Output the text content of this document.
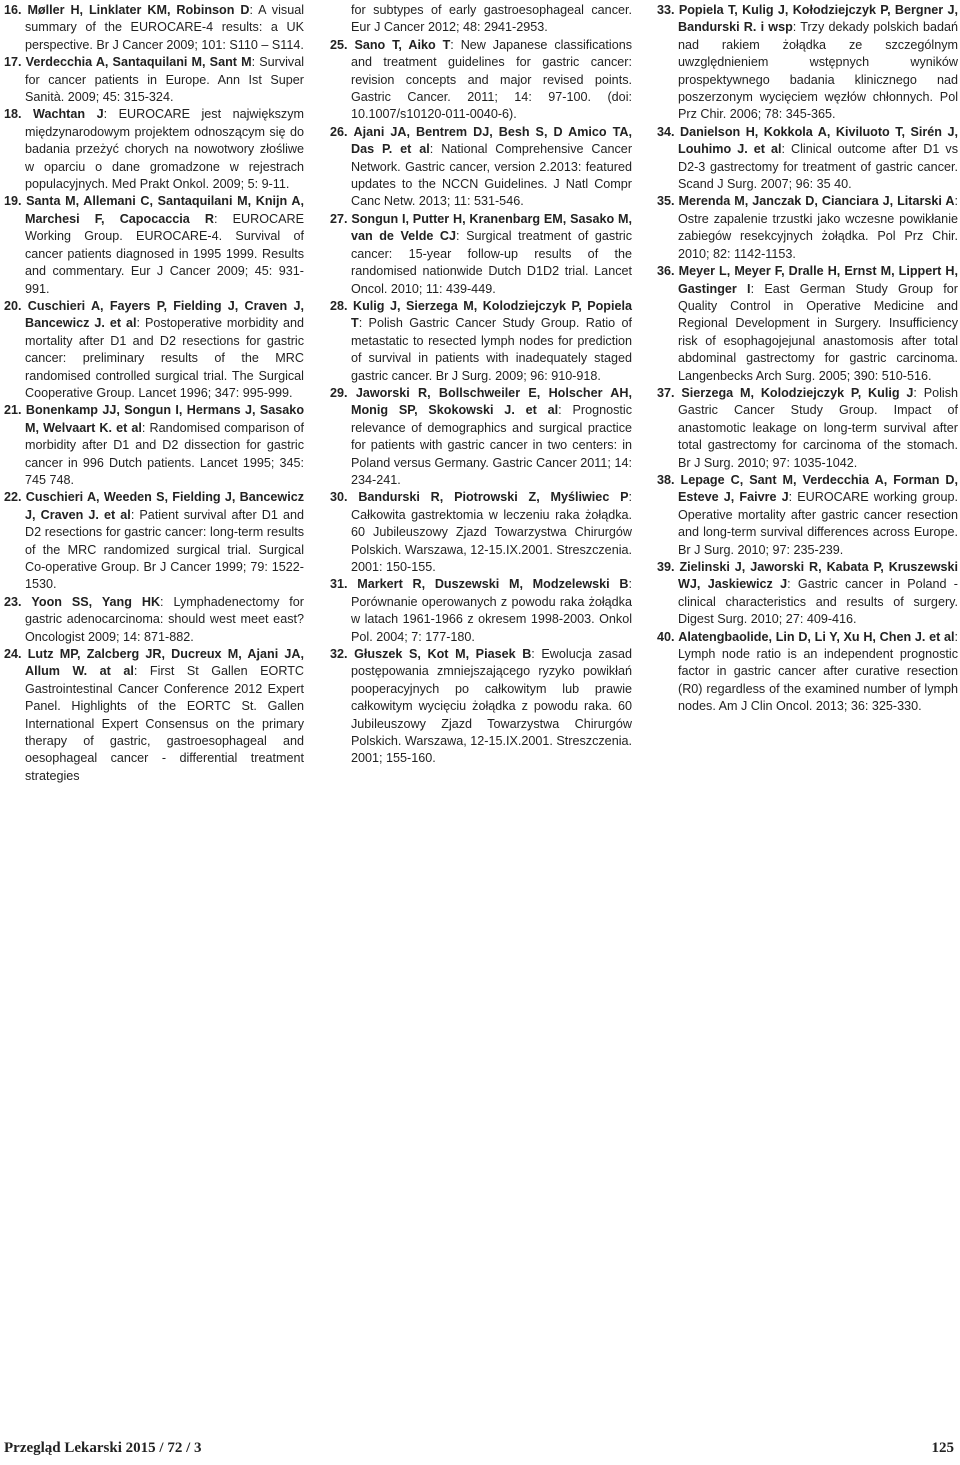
16. Møller H, Linklater KM, Robinson D: A visual summary of the EUROCARE-4 results: a UK perspective. Br J Cancer 2009; 101: S110 – S114.

17. Verdecchia A, Santaquilani M, Sant M: Survival for cancer patients in Europe. Ann Ist Super Sanità. 2009; 45: 315-324.

18. Wachtan J: EUROCARE jest największym międzynarodowym projektem odnoszącym się do badania przeżyć chorych na nowotwory złośliwe w oparciu o dane gromadzone w rejestrach populacyjnych. Med Prakt Onkol. 2009; 5: 9-11.

19. Santa M, Allemani C, Santaquilani M, Knijn A, Marchesi F, Capocaccia R: EUROCARE Working Group. EUROCARE-4. Survival of cancer patients diagnosed in 1995 1999. Results and commentary. Eur J Cancer 2009; 45: 931-991.

20. Cuschieri A, Fayers P, Fielding J, Craven J, Bancewicz J. et al: Postoperative morbidity and mortality after D1 and D2 resections for gastric cancer: preliminary results of the MRC randomised controlled surgical trial. The Surgical Cooperative Group. Lancet 1996; 347: 995-999.

21. Bonenkamp JJ, Songun I, Hermans J, Sasako M, Welvaart K. et al: Randomised comparison of morbidity after D1 and D2 dissection for gastric cancer in 996 Dutch patients. Lancet 1995; 345: 745 748.

22. Cuschieri A, Weeden S, Fielding J, Bancewicz J, Craven J. et al: Patient survival after D1 and D2 resections for gastric cancer: long-term results of the MRC randomized surgical trial. Surgical Co-operative Group. Br J Cancer 1999; 79: 1522-1530.

23. Yoon SS, Yang HK: Lymphadenectomy for gastric adenocarcinoma: should west meet east? Oncologist 2009; 14: 871-882.

24. Lutz MP, Zalcberg JR, Ducreux M, Ajani JA, Allum W. at al: First St Gallen EORTC Gastrointestinal Cancer Conference 2012 Expert Panel. Highlights of the EORTC St. Gallen International Expert Consensus on the primary therapy of gastric, gastroesophageal and oesophageal cancer - differential treatment strategies

for subtypes of early gastroesophageal cancer. Eur J Cancer 2012; 48: 2941-2953.

25. Sano T, Aiko T: New Japanese classifications and treatment guidelines for gastric cancer: revision concepts and major revised points. Gastric Cancer. 2011; 14: 97-100. (doi: 10.1007/s10120-011-0040-6).

26. Ajani JA, Bentrem DJ, Besh S, D Amico TA, Das P. et al: National Comprehensive Cancer Network. Gastric cancer, version 2.2013: featured updates to the NCCN Guidelines. J Natl Compr Canc Netw. 2013; 11: 531-546.

27. Songun I, Putter H, Kranenbarg EM, Sasako M, van de Velde CJ: Surgical treatment of gastric cancer: 15-year follow-up results of the randomised nationwide Dutch D1D2 trial. Lancet Oncol. 2010; 11: 439-449.

28. Kulig J, Sierzega M, Kolodziejczyk P, Popiela T: Polish Gastric Cancer Study Group. Ratio of metastatic to resected lymph nodes for prediction of survival in patients with inadequately staged gastric cancer. Br J Surg. 2009; 96: 910-918.

29. Jaworski R, Bollschweiler E, Holscher AH, Monig SP, Skokowski J. et al: Prognostic relevance of demographics and surgical practice for patients with gastric cancer in two centers: in Poland versus Germany. Gastric Cancer 2011; 14: 234-241.

30. Bandurski R, Piotrowski Z, Myśliwiec P: Całkowita gastrektomia w leczeniu raka żołądka. 60 Jubileuszowy Zjazd Towarzystwa Chirurgów Polskich. Warszawa, 12-15.IX.2001. Streszczenia. 2001: 150-155.

31. Markert R, Duszewski M, Modzelewski B: Porównanie operowanych z powodu raka żołądka w latach 1961-1966 z okresem 1998-2003. Onkol Pol. 2004; 7: 177-180.

32. Głuszek S, Kot M, Piasek B: Ewolucja zasad postępowania zmniejszającego ryzyko powikłań pooperacyjnych po całkowitym lub prawie całkowitym wycięciu żołądka z powodu raka. 60 Jubileuszowy Zjazd Towarzystwa Chirurgów Polskich. Warszawa, 12-15.IX.2001. Streszczenia. 2001; 155-160.

33. Popiela T, Kulig J, Kołodziejczyk P, Bergner J, Bandurski R. i wsp: Trzy dekady polskich badań nad rakiem żołądka ze szczególnym uwzględnieniem wstępnych wyników prospektywnego badania klinicznego nad poszerzonym wycięciem węzłów chłonnych. Pol Prz Chir. 2006; 78: 345-365.

34. Danielson H, Kokkola A, Kiviluoto T, Sirén J, Louhimo J. et al: Clinical outcome after D1 vs D2-3 gastrectomy for treatment of gastric cancer. Scand J Surg. 2007; 96: 35 40.

35. Merenda M, Janczak D, Cianciara J, Litarski A: Ostre zapalenie trzustki jako wczesne powikłanie zabiegów resekcyjnych żołądka. Pol Prz Chir. 2010; 82: 1142-1153.

36. Meyer L, Meyer F, Dralle H, Ernst M, Lippert H, Gastinger I: East German Study Group for Quality Control in Operative Medicine and Regional Development in Surgery. Insufficiency risk of esophagojejunal anastomosis after total abdominal gastrectomy for gastric carcinoma. Langenbecks Arch Surg. 2005; 390: 510-516.

37. Sierzega M, Kolodziejczyk P, Kulig J: Polish Gastric Cancer Study Group. Impact of anastomotic leakage on long-term survival after total gastrectomy for carcinoma of the stomach. Br J Surg. 2010; 97: 1035-1042.

38. Lepage C, Sant M, Verdecchia A, Forman D, Esteve J, Faivre J: EUROCARE working group. Operative mortality after gastric cancer resection and long-term survival differences across Europe. Br J Surg. 2010; 97: 235-239.

39. Zielinski J, Jaworski R, Kabata P, Kruszewski WJ, Jaskiewicz J: Gastric cancer in Poland - clinical characteristics and results of surgery. Digest Surg. 2010; 27: 409-416.

40. Alatengbaolide, Lin D, Li Y, Xu H, Chen J. et al: Lymph node ratio is an independent prognostic factor in gastric cancer after curative resection (R0) regardless of the examined number of lymph nodes. Am J Clin Oncol. 2013; 36: 325-330.

Przegląd Lekarski 2015 / 72 / 3	125
